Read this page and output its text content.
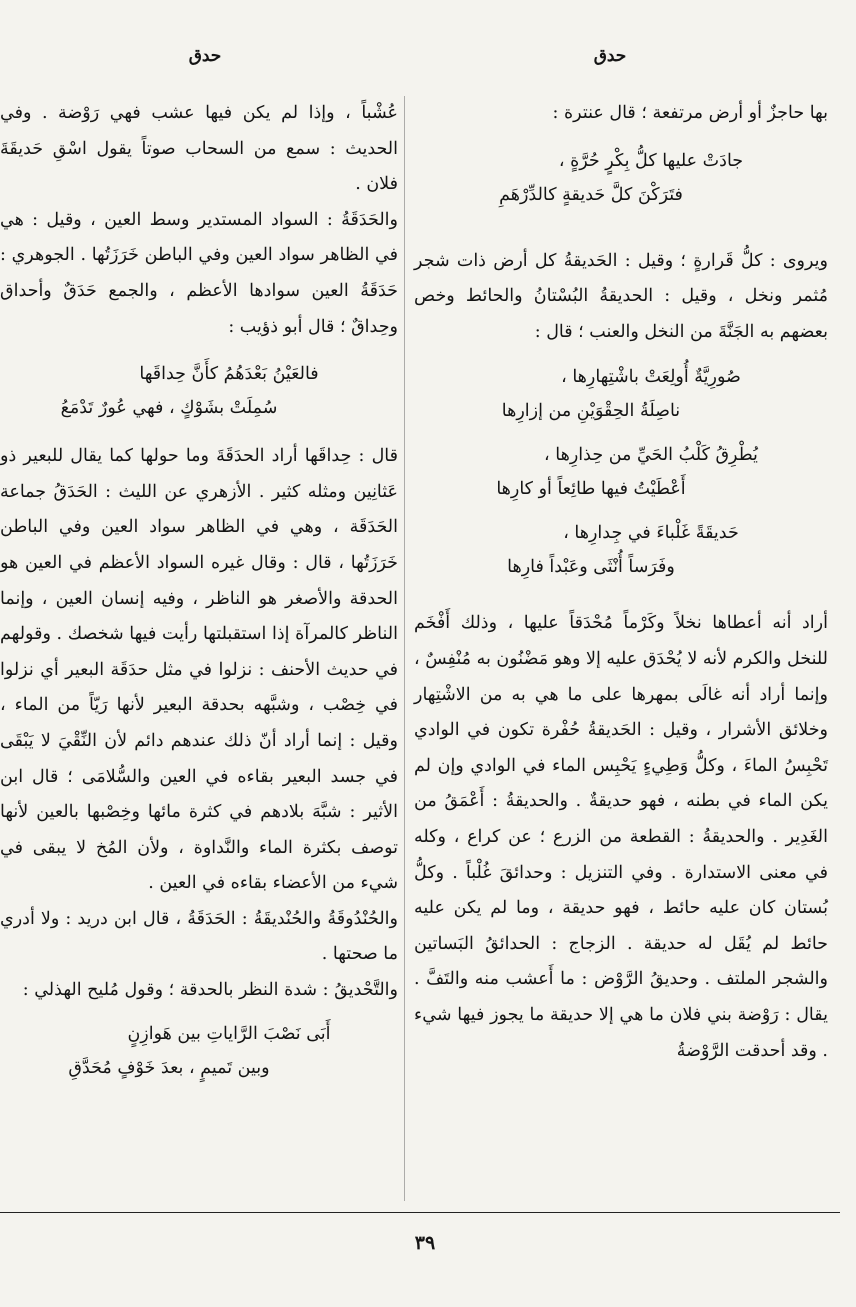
حدق
حدق

بها حاجزٌ أو أرض مرتفعة ؛ قال عنترة :

جادَتْ عليها كلُّ بِكْرٍ حُرَّةٍ ،
فتَرَكْنَ كلَّ حَديقةٍ كالدِّرْهَمِ

ويروى : كلُّ قَرارةٍ ؛ وقيل : الحَديقةُ كل أرض ذات شجر مُثمر ونخل ، وقيل : الحديقةُ البُسْتانُ والحائط وخص بعضهم به الجَنَّةَ من النخل والعنب ؛ قال :

صُورِيَّةٌ أُولِعَتْ باشْتِهارِها ،
ناصِلَةُ الحِقْوَيْنِ من إزارِها
يُطْرِقُ كَلْبُ الحَيِّ من حِذارِها ،
أَعْطَيْتُ فيها طائِعاً أو كارِها
حَديقَةً غَلْباءَ في جِدارِها ،
وفَرَساً أُنْثَى وعَبْداً فارِها

أراد أنه أعطاها نخلاً وكَرْماً مُحْدَقاً عليها ، وذلك أَفْخَم للنخل والكرم لأنه لا يُحْدَق عليه إلا وهو مَضْنُون به مُنْفِسٌ ، وإنما أراد أنه غالَى بمهرها على ما هي به من الاشْتِهار وخلائق الأشرار ، وقيل : الحَديقةُ حُفْرة تكون في الوادي تَحْبِسُ الماءَ ، وكلُّ وَطِيءٍ يَحْبِس الماء في الوادي وإن لم يكن الماء في بطنه ، فهو حديقةٌ . والحديقةُ : أَعْمَقُ من الغَدِير . والحديقةُ : القطعة من الزرع ؛ عن كراع ، وكله في معنى الاستدارة . وفي التنزيل : وحدائقَ غُلْباً . وكلُّ بُستان كان عليه حائط ، فهو حديقة ، وما لم يكن عليه حائط لم يُقَل له حديقة . الزجاج : الحدائقُ البَساتين والشجر الملتف . وحديقُ الرَّوْض : ما أَعشب منه والتَفَّ . يقال : رَوْضة بني فلان ما هي إلا حديقة ما يجوز فيها شيء . وقد أحدقت الرَّوْضةُ

عُشْباً ، وإذا لم يكن فيها عشب فهي رَوْضة . وفي الحديث : سمع من السحاب صوتاً يقول اسْقِ حَديقَةَ فلان .

والحَدَقَةُ : السواد المستدير وسط العين ، وقيل : هي في الظاهر سواد العين وفي الباطن خَرَزَتُها . الجوهري : حَدَقَةُ العين سوادها الأعظم ، والجمع حَدَقٌ وأحداق وحِداقٌ ؛ قال أبو ذؤيب :

فالعَيْنُ بَعْدَهُمُ كأَنَّ حِداقَها
سُمِلَتْ بشَوْكٍ ، فهي عُورٌ تَدْمَعُ

قال : حِداقَها أراد الحدَقَةَ وما حولها كما يقال للبعير ذو عَثانِين ومثله كثير . الأزهري عن الليث : الحَدَقُ جماعة الحَدَقَة ، وهي في الظاهر سواد العين وفي الباطن خَرَزَتُها ، قال : وقال غيره السواد الأعظم في العين هو الحدقة والأصغر هو الناظر ، وفيه إنسان العين ، وإنما الناظر كالمرآة إذا استقبلتها رأيت فيها شخصك . وقولهم في حديث الأحنف : نزلوا في مثل حدَقَة البعير أي نزلوا في خِصْب ، وشبَّهه بحدقة البعير لأنها رَيّاً من الماء ، وقيل : إنما أراد أنّ ذلك عندهم دائم لأن النِّقْيَ لا يَبْقَى في جسد البعير بقاءه في العين والسُّلامَى ؛ قال ابن الأثير : شبَّهَ بلادهم في كثرة مائها وخِصْبها بالعين لأنها توصف بكثرة الماء والنَّداوة ، ولأن المُخ لا يبقى في شيء من الأعضاء بقاءه في العين .

والحُنْدُوقَةُ والحُنْديقَةُ : الحَدَقَةُ ، قال ابن دريد : ولا أدري ما صحتها .

والتَّحْديقُ : شدة النظر بالحدقة ؛ وقول مُليح الهذلي :

أَبَى نَصْبَ الرَّاياتِ بين هَوازِنٍ
وبين تَميمٍ ، بعدَ خَوْفٍ مُحَدَّقِ
٣٩
